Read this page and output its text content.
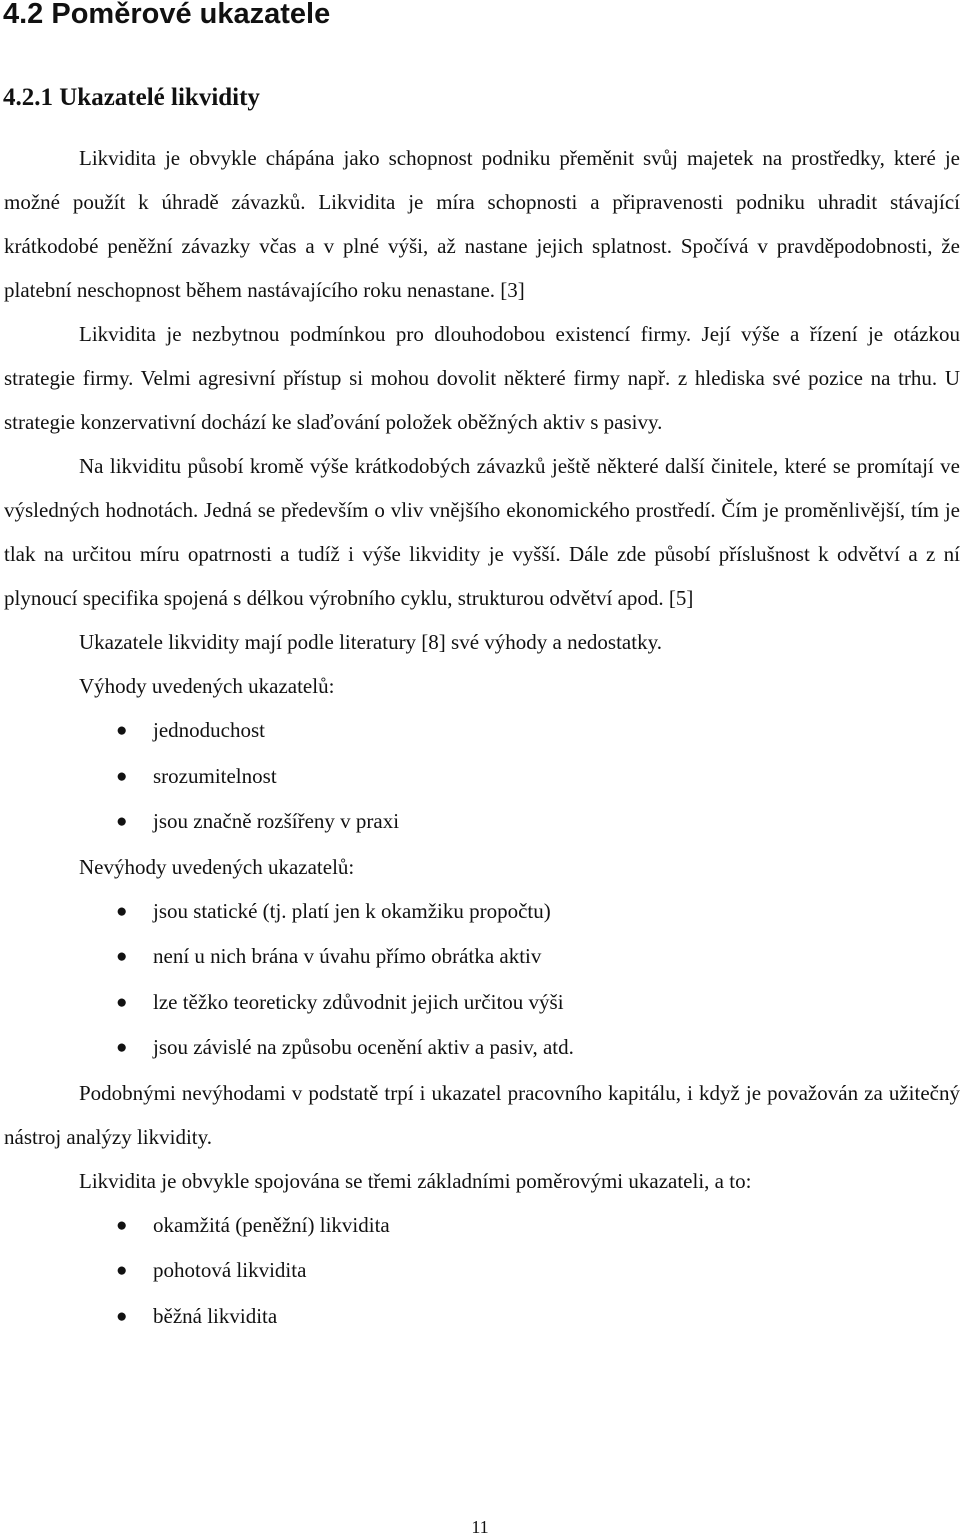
4.2 Poměrové ukazatele
4.2.1 Ukazatelé likvidity

Likvidita je obvykle chápána jako schopnost podniku přeměnit svůj majetek na prostředky, které je možné použít k úhradě závazků. Likvidita je míra schopnosti a připravenosti podniku uhradit stávající krátkodobé peněžní závazky včas a v plné výši, až nastane jejich splatnost. Spočívá v pravděpodobnosti, že platební neschopnost během nastávajícího roku nenastane. [3]

Likvidita je nezbytnou podmínkou pro dlouhodobou existencí firmy. Její výše a řízení je otázkou strategie firmy. Velmi agresivní přístup si mohou dovolit některé firmy např. z hlediska své pozice na trhu. U strategie konzervativní dochází ke slaďování položek oběžných aktiv s pasivy.

Na likviditu působí kromě výše krátkodobých závazků ještě některé další činitele, které se promítají ve výsledných hodnotách. Jedná se především o vliv vnějšího ekonomického prostředí. Čím je proměnlivější, tím je tlak na určitou míru opatrnosti a tudíž i výše likvidity je vyšší. Dále zde působí příslušnost k odvětví a z ní plynoucí specifika spojená s délkou výrobního cyklu, strukturou odvětví apod. [5]

Ukazatele likvidity mají podle literatury [8] své výhody a nedostatky.

Výhody uvedených ukazatelů:

● jednoduchost
● srozumitelnost
● jsou značně rozšířeny v praxi

Nevýhody uvedených ukazatelů:

● jsou statické (tj. platí jen k okamžiku propočtu)
● není u nich brána v úvahu přímo obrátka aktiv
● lze těžko teoreticky zdůvodnit jejich určitou výši
● jsou závislé na způsobu ocenění aktiv a pasiv, atd.

Podobnými nevýhodami v podstatě trpí i ukazatel pracovního kapitálu, i když je považován za užitečný nástroj analýzy likvidity.

Likvidita je obvykle spojována se třemi základními poměrovými ukazateli, a to:

● okamžitá (peněžní) likvidita
● pohotová likvidita
● běžná likvidita
11
